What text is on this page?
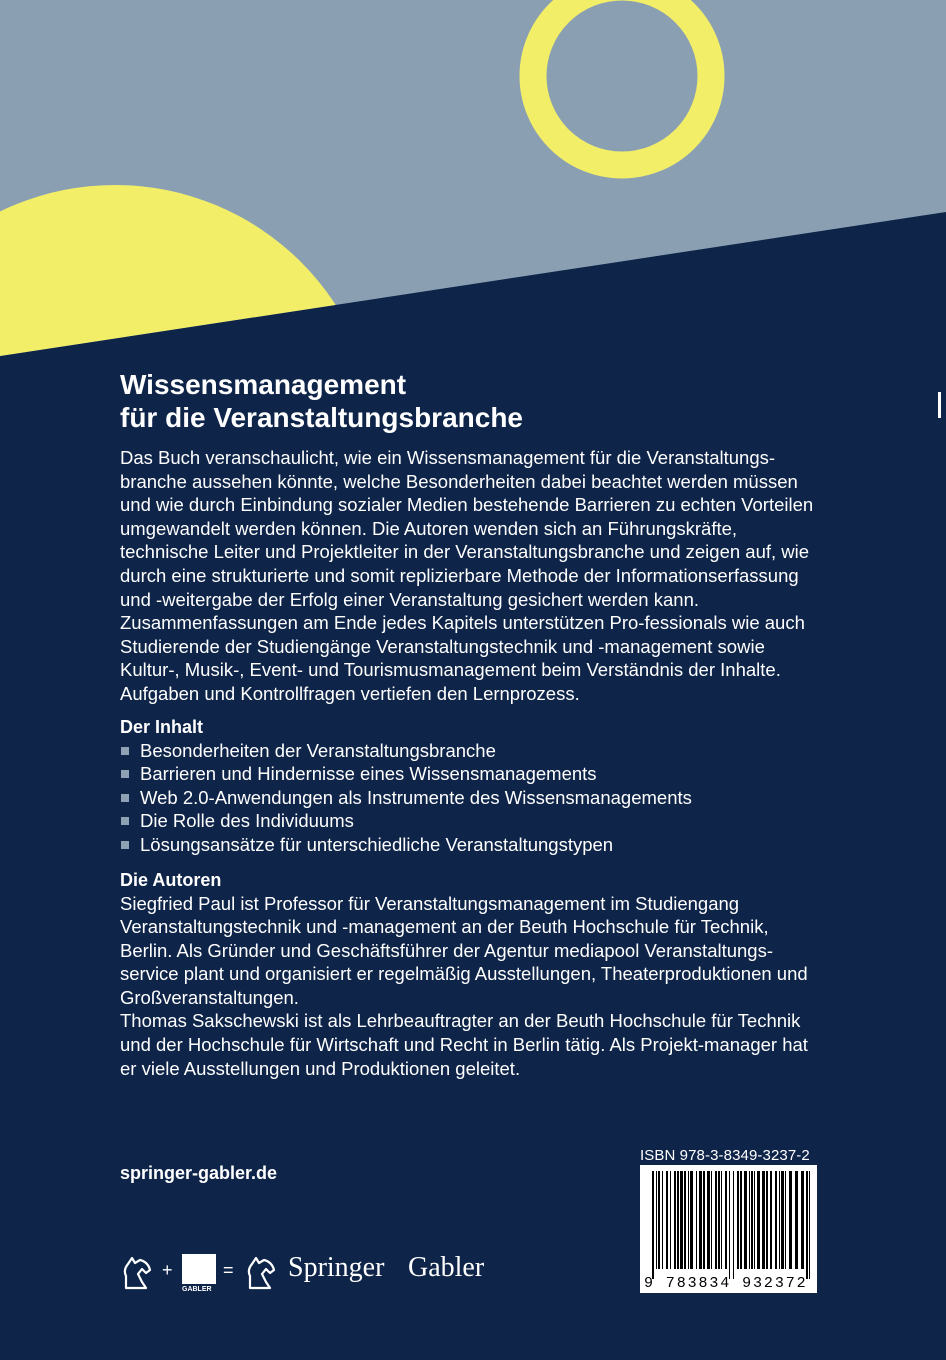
Wissensmanagement
für die Veranstaltungsbranche

Das Buch veranschaulicht, wie ein Wissensmanagement für die Veranstaltungs-branche aussehen könnte, welche Besonderheiten dabei beachtet werden müssen und wie durch Einbindung sozialer Medien bestehende Barrieren zu echten Vorteilen umgewandelt werden können. Die Autoren wenden sich an Führungskräfte, technische Leiter und Projektleiter in der Veranstaltungsbranche und zeigen auf, wie durch eine strukturierte und somit replizierbare Methode der Informationserfassung und -weitergabe der Erfolg einer Veranstaltung gesichert werden kann. Zusammenfassungen am Ende jedes Kapitels unterstützen Pro-fessionals wie auch Studierende der Studiengänge Veranstaltungstechnik und -management sowie Kultur-, Musik-, Event- und Tourismusmanagement beim Verständnis der Inhalte. Aufgaben und Kontrollfragen vertiefen den Lernprozess.

Der Inhalt
Besonderheiten der Veranstaltungsbranche
Barrieren und Hindernisse eines Wissensmanagements
Web 2.0-Anwendungen als Instrumente des Wissensmanagements
Die Rolle des Individuums
Lösungsansätze für unterschiedliche Veranstaltungstypen
Die Autoren

Siegfried Paul ist Professor für Veranstaltungsmanagement im Studiengang Veranstaltungstechnik und -management an der Beuth Hochschule für Technik, Berlin. Als Gründer und Geschäftsführer der Agentur mediapool Veranstaltungs-service plant und organisiert er regelmäßig Ausstellungen, Theaterproduktionen und Großveranstaltungen.

Thomas Sakschewski ist als Lehrbeauftragter an der Beuth Hochschule für Technik und der Hochschule für Wirtschaft und Recht in Berlin tätig. Als Projekt-manager hat er viele Ausstellungen und Produktionen geleitet.

springer-gabler.de
ISBN 978-3-8349-3237-2
9 783834 932372
+
GABLER
= Springer Gabler
